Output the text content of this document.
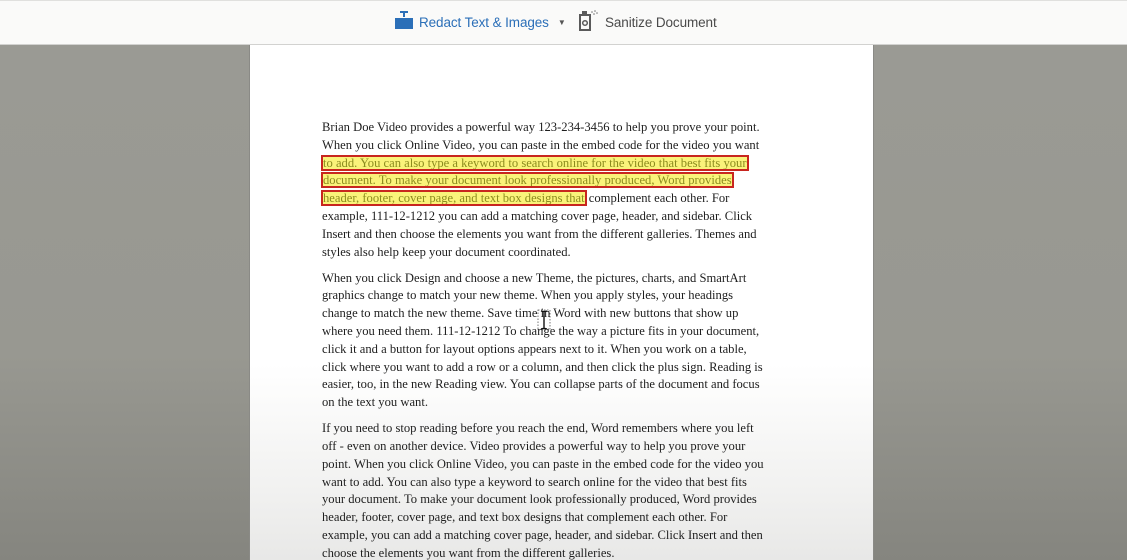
Redact Text & Images ▼	Sanitize Document
Brian Doe Video provides a powerful way 123-234-3456 to help you prove your point.
When you click Online Video, you can paste in the embed code for the video you want
to add. You can also type a keyword to search online for the video that best fits your
document. To make your document look professionally produced, Word provides
header, footer, cover page, and text box designs that complement each other. For
example, 111-12-1212 you can add a matching cover page, header, and sidebar. Click
Insert and then choose the elements you want from the different galleries. Themes and
styles also help keep your document coordinated.
When you click Design and choose a new Theme, the pictures, charts, and SmartArt
graphics change to match your new theme. When you apply styles, your headings
change to match the new theme. Save time in Word with new buttons that show up
where you need them. 111-12-1212 To change the way a picture fits in your document,
click it and a button for layout options appears next to it. When you work on a table,
click where you want to add a row or a column, and then click the plus sign. Reading is
easier, too, in the new Reading view. You can collapse parts of the document and focus
on the text you want.
If you need to stop reading before you reach the end, Word remembers where you left
off - even on another device. Video provides a powerful way to help you prove your
point. When you click Online Video, you can paste in the embed code for the video you
want to add. You can also type a keyword to search online for the video that best fits
your document. To make your document look professionally produced, Word provides
header, footer, cover page, and text box designs that complement each other. For
example, you can add a matching cover page, header, and sidebar. Click Insert and then
choose the elements you want from the different galleries.
